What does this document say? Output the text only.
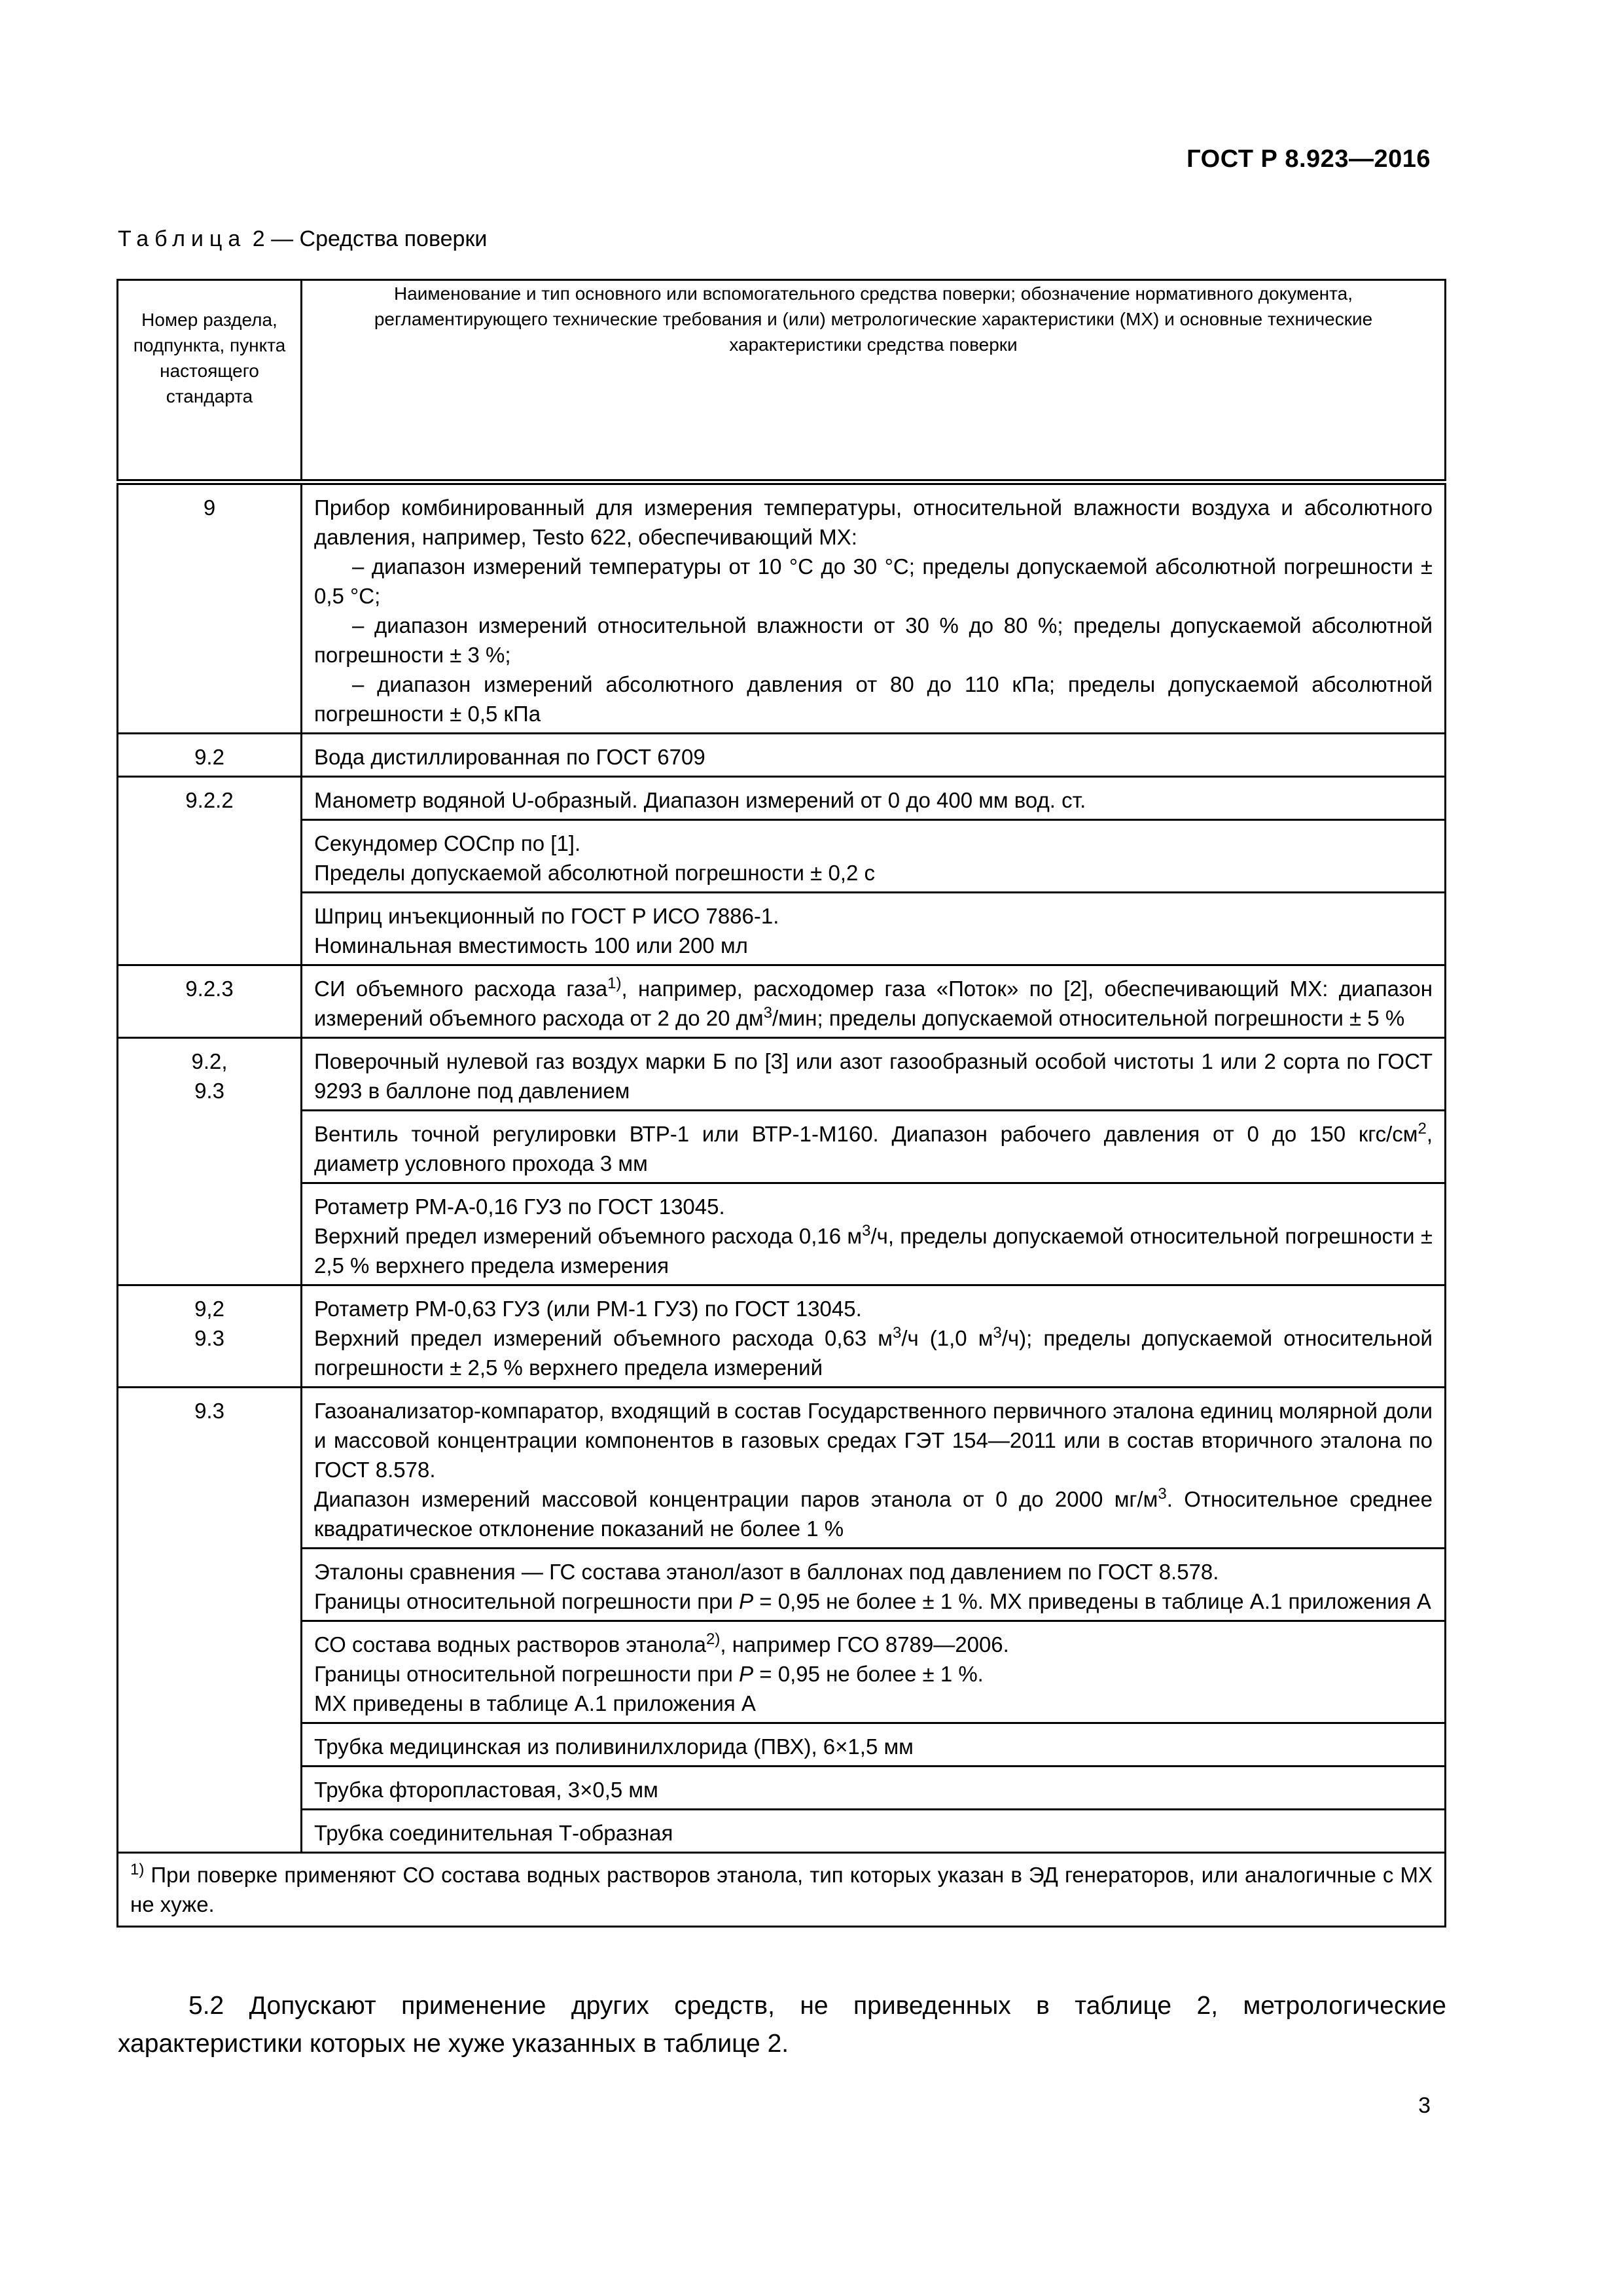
ГОСТ Р 8.923—2016
Таблица 2 — Средства поверки
Номер раздела, подпункта, пункта настоящего стандарта	Наименование и тип основного или вспомогательного средства поверки; обозначение нормативного документа, регламентирующего технические требования и (или) метрологические характеристики (МХ) и основные технические характеристики средства поверки

9	Прибор комбинированный для измерения температуры, относительной влажности воздуха и абсолютного давления, например, Testo 622, обеспечивающий МХ:
– диапазон измерений температуры от 10 °С до 30 °С; пределы допускаемой абсолютной погрешности ± 0,5 °С;
– диапазон измерений относительной влажности от 30 % до 80 %; пределы допускаемой абсолютной погрешности ± 3 %;
– диапазон измерений абсолютного давления от 80 до 110 кПа; пределы допускаемой абсолютной погрешности ± 0,5 кПа

9.2	Вода дистиллированная по ГОСТ 6709

9.2.2	Манометр водяной U-образный. Диапазон измерений от 0 до 400 мм вод. ст.

	Секундомер СОСпр по [1].
Пределы допускаемой абсолютной погрешности ± 0,2 с

	Шприц инъекционный по ГОСТ Р ИСО 7886-1.
Номинальная вместимость 100 или 200 мл

9.2.3	СИ объемного расхода газа$^{1)}$, например, расходомер газа «Поток» по [2], обеспечивающий МХ: диапазон измерений объемного расхода от 2 до 20 $дм^3$/мин; пределы допускаемой относительной погрешности ± 5 %

9.2,
9.3	Поверочный нулевой газ воздух марки Б по [3] или азот газообразный особой чистоты 1 или 2 сорта по ГОСТ 9293 в баллоне под давлением

	Вентиль точной регулировки ВТР-1 или ВТР-1-М160. Диапазон рабочего давления от 0 до 150 кгс/$см^2$, диаметр условного прохода 3 мм

	Ротаметр РМ-А-0,16 ГУЗ по ГОСТ 13045.
Верхний предел измерений объемного расхода 0,16 $м^3/ч$, пределы допускаемой относительной погрешности ± 2,5 % верхнего предела измерения

9,2
9.3	Ротаметр РМ-0,63 ГУЗ (или РМ-1 ГУЗ) по ГОСТ 13045.
Верхний предел измерений объемного расхода 0,63 $м^3/ч$ (1,0 $м^3/ч$); пределы допускаемой относительной погрешности ± 2,5 % верхнего предела измерений

9.3	Газоанализатор-компаратор, входящий в состав Государственного первичного эталона единиц молярной доли и массовой концентрации компонентов в газовых средах ГЭТ 154—2011 или в состав вторичного эталона по ГОСТ 8.578.
Диапазон измерений массовой концентрации паров этанола от 0 до 2000 $мг/м^3$. Относительное среднее квадратическое отклонение показаний не более 1 %

	Эталоны сравнения — ГС состава этанол/азот в баллонах под давлением по ГОСТ 8.578.
Границы относительной погрешности при P = 0,95 не более ± 1 %. МХ приведены в таблице А.1 приложения А

	СО состава водных растворов этанола$^{2)}$, например ГСО 8789—2006.
Границы относительной погрешности при P = 0,95 не более ± 1 %.
МХ приведены в таблице А.1 приложения А

	Трубка медицинская из поливинилхлорида (ПВХ), 6×1,5 мм

	Трубка фторопластовая, 3×0,5 мм

	Трубка соединительная Т-образная

$^{1)}$ При поверке применяют СО состава водных растворов этанола, тип которых указан в ЭД генераторов, или аналогичные с МХ не хуже.	
5.2 Допускают применение других средств, не приведенных в таблице 2, метрологические характеристики которых не хуже указанных в таблице 2.
3
